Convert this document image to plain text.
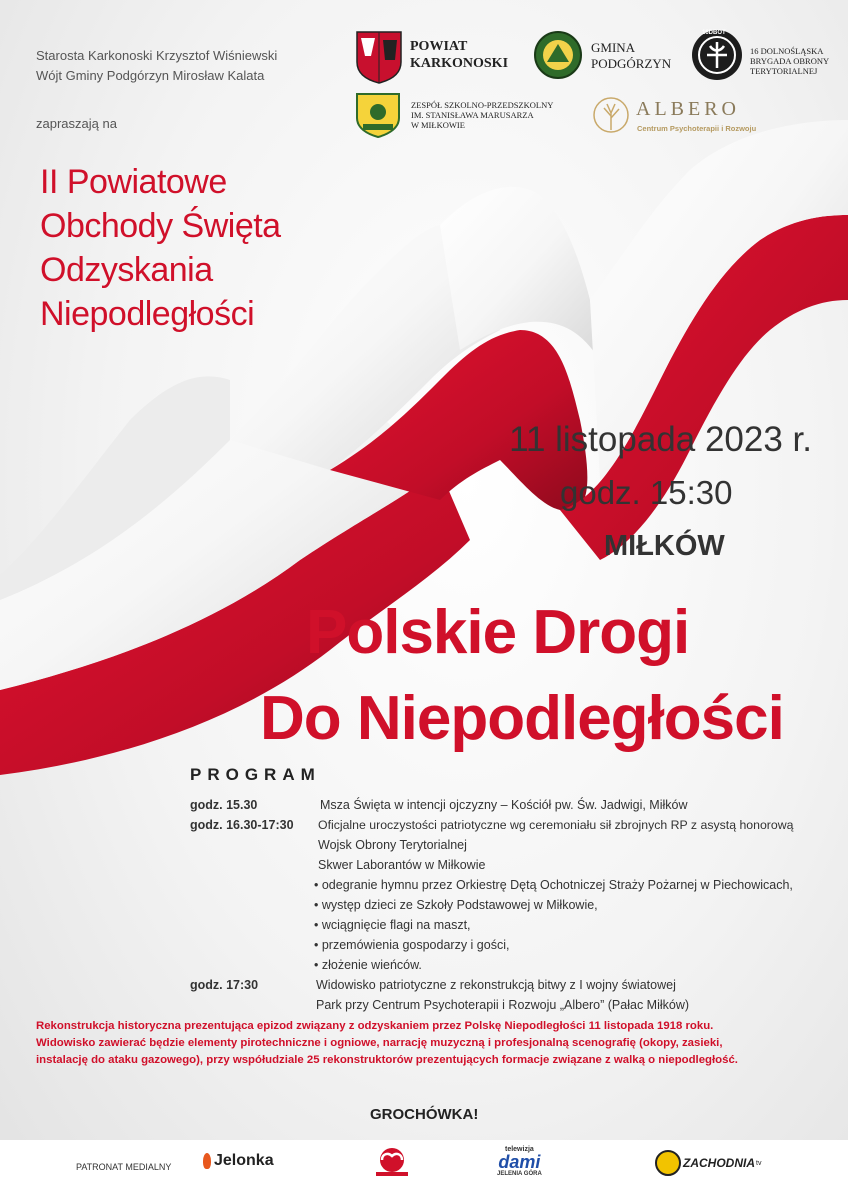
Starosta Karkonoski Krzysztof Wiśniewski
Wójt Gminy Podgórzyn Mirosław Kalata
zapraszają na
POWIAT
KARKONOSKI
GMINA
PODGÓRZYN
16DBOT
16 DOLNOŚLĄSKA
BRYGADA OBRONY
TERYTORIALNEJ
ZESPÓŁ SZKOLNO-PRZEDSZKOLNY
IM. STANISŁAWA MARUSARZA
W MIŁKOWIE
ALBERO
Centrum Psychoterapii i Rozwoju
II Powiatowe
Obchody Święta
Odzyskania
Niepodległości
11 listopada 2023 r.
godz. 15:30
MIŁKÓW
Polskie Drogi
Do Niepodległości
PROGRAM
godz. 15.30	Msza Święta w intencji ojczyzny – Kościół pw. Św. Jadwigi, Miłków
godz. 16.30-17:30 Oficjalne uroczystości patriotyczne wg ceremoniału sił zbrojnych RP z asystą honorową
Wojsk Obrony Terytorialnej
Skwer Laborantów w Miłkowie
• odegranie hymnu przez Orkiestrę Dętą Ochotniczej Straży Pożarnej w Piechowicach,
• występ dzieci ze Szkoły Podstawowej w Miłkowie,
• wciągnięcie flagi na maszt,
• przemówienia gospodarzy i gości,
• złożenie wieńców.
godz. 17:30	Widowisko patriotyczne z rekonstrukcją bitwy z I wojny światowej
Park przy Centrum Psychoterapii i Rozwoju „Albero” (Pałac Miłków)
Rekonstrukcja historyczna prezentująca epizod związany z odzyskaniem przez Polskę Niepodległości 11 listopada 1918 roku.
Widowisko zawierać będzie elementy pirotechniczne i ogniowe, narrację muzyczną i profesjonalną scenografię (okopy, zasieki,
instalację do ataku gazowego), przy współudziale 25 rekonstruktorów prezentujących formacje związane z walką o niepodległość.
GROCHÓWKA!
PATRONAT MEDIALNY	Jelonka
telewizja
dami
JELENIA GÓRA
ZACHODNIA tv
